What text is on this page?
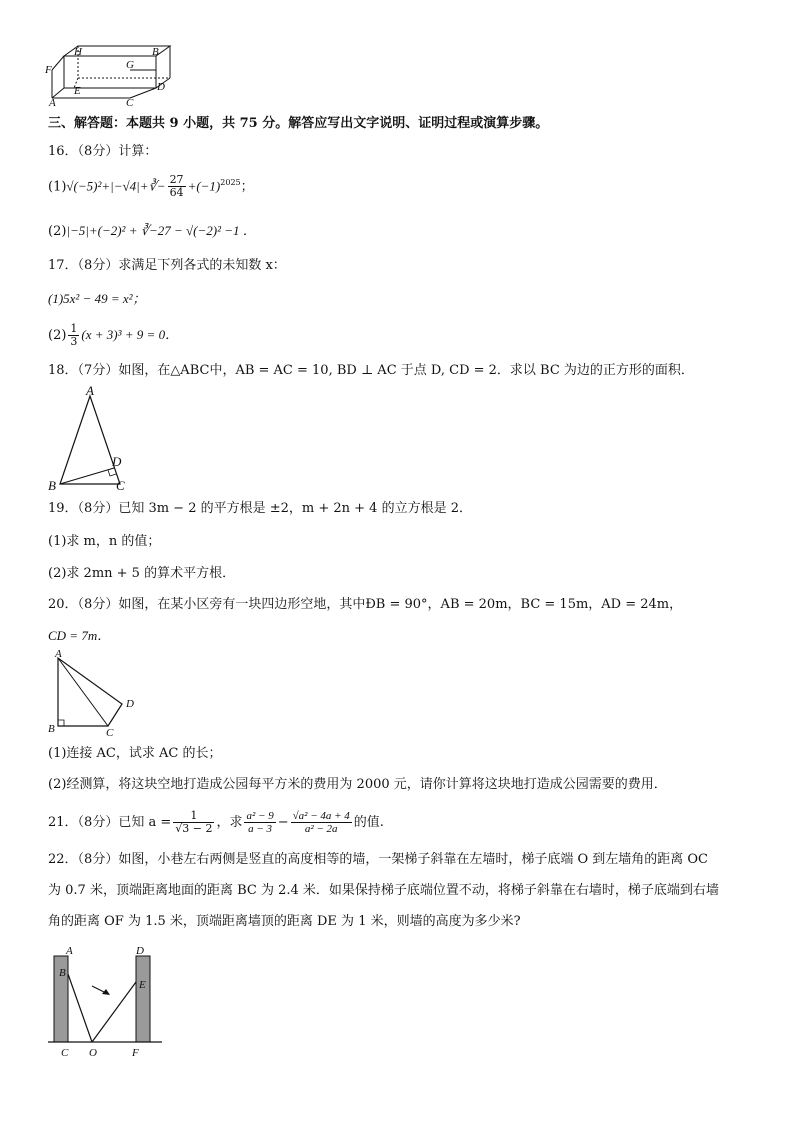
H	B
F	G
D
E
A	C
三、解答题：本题共 9 小题，共 75 分。解答应写出文字说明、证明过程或演算步骤。
16．（8分）计算：
(1)√(−5)²+|−√4|+∛− $\frac{27}{64} +(-1)^{2025}$；
(2)|−5|+(−2)² + ∛−27 − √(−2)² −1 ．
17．（8分）求满足下列各式的未知数 x：
(1)5x² − 49 = x²；
$(2) \frac{1}{3} (x + 3)^3 + 9 = 0$．
18．（7分）如图，在△ABC中，AB = AC = 10, BD ⊥ AC 于点 D, CD = 2．求以 BC 为边的正方形的面积．
A
D
B	C
19．（8分）已知 3m − 2 的平方根是 ±2，m + 2n + 4 的立方根是 2．
(1)求 m，n 的值；
(2)求 2mn + 5 的算术平方根．
20．（8分）如图，在某小区旁有一块四边形空地，其中ÐB = 90°，AB = 20m，BC = 15m，AD = 24m，
CD = 7m．
A
D
B	C
(1)连接 AC，试求 AC 的长；
(2)经测算，将这块空地打造成公园每平方米的费用为 2000 元，请你计算将这块地打造成公园需要的费用．
21．（8分）已知 $a = \frac{1}{√3 - 2}$ ，求 $\frac{\text{a² − 9}}{a - 3} - \frac{\text{√a² − 4a + 4}}{\text{a² − 2a}}$ 的值.
22．（8分）如图，小巷左右两侧是竖直的高度相等的墙，一架梯子斜靠在左墙时，梯子底端 O 到左墙角的距离 OC
为 0.7 米，顶端距离地面的距离 BC 为 2.4 米．如果保持梯子底端位置不动，将梯子斜靠在右墙时，梯子底端到右墙
角的距离 OF 为 1.5 米，顶端距离墙顶的距离 DE 为 1 米，则墙的高度为多少米?
A	D
B
E
C O	F
